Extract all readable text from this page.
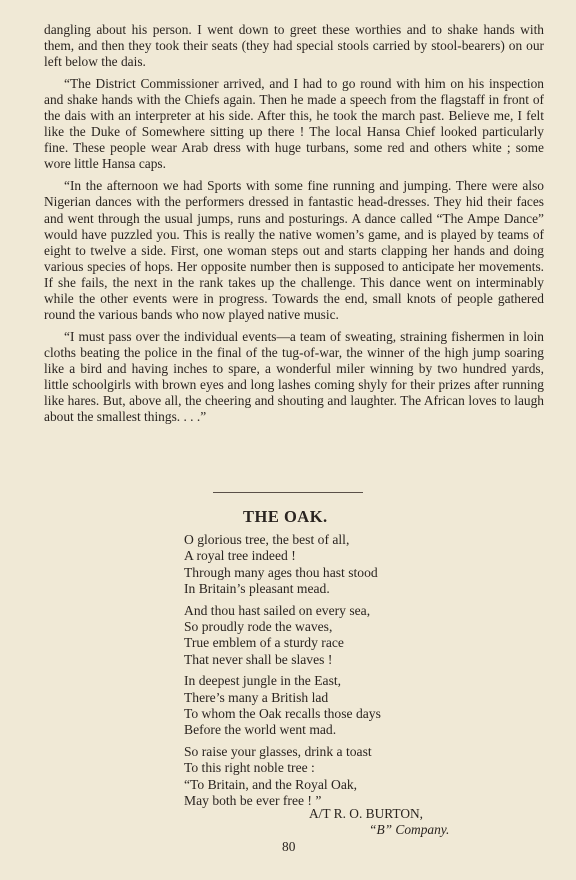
dangling about his person. I went down to greet these worthies and to shake hands with them, and then they took their seats (they had special stools carried by stool-bearers) on our left below the dais.

“The District Commissioner arrived, and I had to go round with him on his inspection and shake hands with the Chiefs again. Then he made a speech from the flagstaff in front of the dais with an interpreter at his side. After this, he took the march past. Believe me, I felt like the Duke of Somewhere sitting up there ! The local Hansa Chief looked particularly fine. These people wear Arab dress with huge turbans, some red and others white ; some wore little Hansa caps.

“In the afternoon we had Sports with some fine running and jumping. There were also Nigerian dances with the performers dressed in fantastic head-dresses. They hid their faces and went through the usual jumps, runs and posturings. A dance called “The Ampe Dance” would have puzzled you. This is really the native women’s game, and is played by teams of eight to twelve a side. First, one woman steps out and starts clapping her hands and doing various species of hops. Her opposite number then is supposed to anticipate her movements. If she fails, the next in the rank takes up the challenge. This dance went on interminably while the other events were in progress. Towards the end, small knots of people gathered round the various bands who now played native music.

“I must pass over the individual events—a team of sweating, straining fishermen in loin cloths beating the police in the final of the tug-of-war, the winner of the high jump soaring like a bird and having inches to spare, a wonderful miler winning by two hundred yards, little schoolgirls with brown eyes and long lashes coming shyly for their prizes after running like hares. But, above all, the cheering and shouting and laughter. The African loves to laugh about the smallest things. . . .”

THE OAK.
O glorious tree, the best of all,
A royal tree indeed !
Through many ages thou hast stood
In Britain’s pleasant mead.
And thou hast sailed on every sea,
So proudly rode the waves,
True emblem of a sturdy race
That never shall be slaves !
In deepest jungle in the East,
There’s many a British lad
To whom the Oak recalls those days
Before the world went mad.
So raise your glasses, drink a toast
To this right noble tree :
“To Britain, and the Royal Oak,
May both be ever free ! ”
A/T R. O. BURTON,
“B” Company.
80
